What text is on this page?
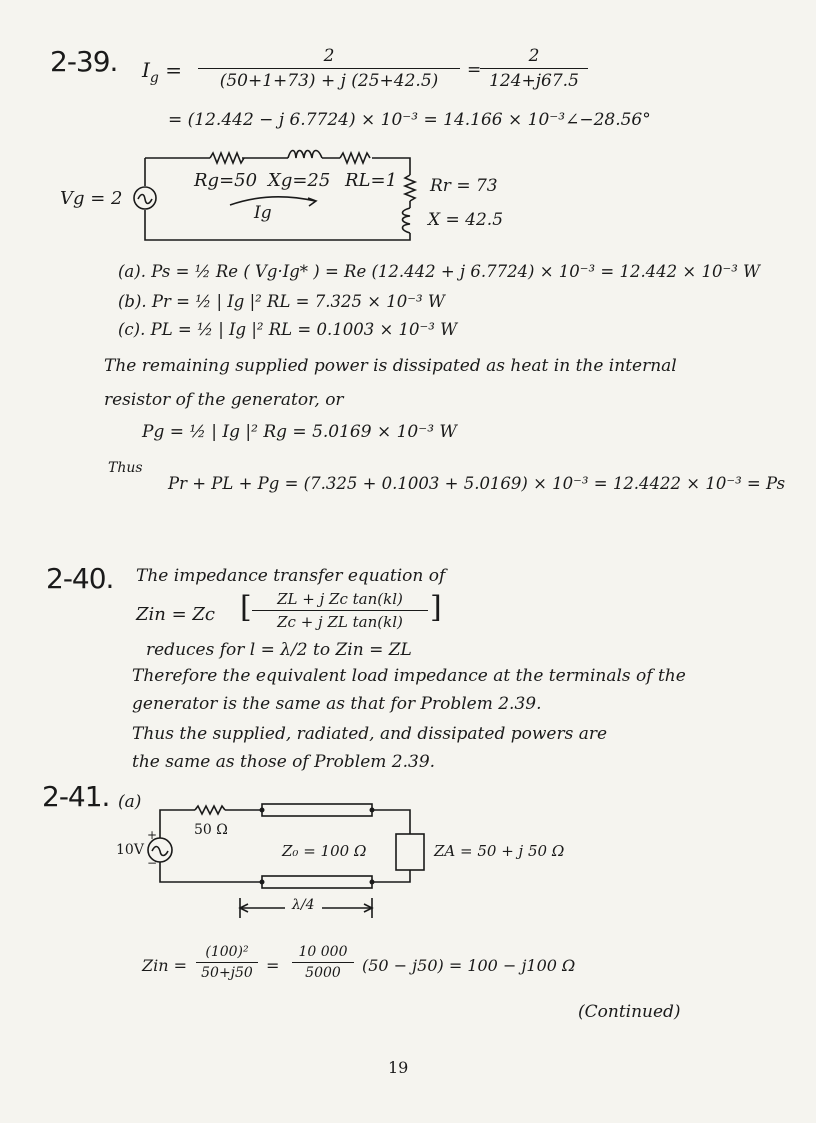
2-39. $I_g$ =
2
(50+1+73) + j (25+42.5)
=
2
124+j67.5
= (12.442 − j 6.7724) × 10⁻³ = 14.166 × 10⁻³∠−28.56°
Rg=50 Xg=25 RL=1 Rr = 73
X = 42.5
Vg = 2
Ig
(a). Ps = ½ Re ( Vg·Ig* ) = Re (12.442 + j 6.7724) × 10⁻³ = 12.442 × 10⁻³ W
(b). Pr = ½ | Ig |² RL = 7.325 × 10⁻³ W
(c). PL = ½ | Ig |² RL = 0.1003 × 10⁻³ W
The remaining supplied power is dissipated as heat in the internal
resistor of the generator, or
Pg = ½ | Ig |² Rg = 5.0169 × 10⁻³ W
Thus
Pr + PL + Pg = (7.325 + 0.1003 + 5.0169) × 10⁻³ = 12.4422 × 10⁻³ = Ps
2-40. The impedance transfer equation of
Zin = Zc [	ZL + j Zc tan(kl)
Zc + j ZL tan(kl) ]
reduces for l = λ/2 to Zin = ZL
Therefore the equivalent load impedance at the terminals of the
generator is the same as that for Problem 2.39.
Thus the supplied, radiated, and dissipated powers are
the same as those of Problem 2.39.
2-41. (a)
10V
+
−
50 Ω
Z₀ = 100 Ω	ZA = 50 + j 50 Ω
λ/4
Zin =
(100)²
50+j50 =
10 000
5000	(50 − j50) = 100 − j100 Ω
(Continued)
19
